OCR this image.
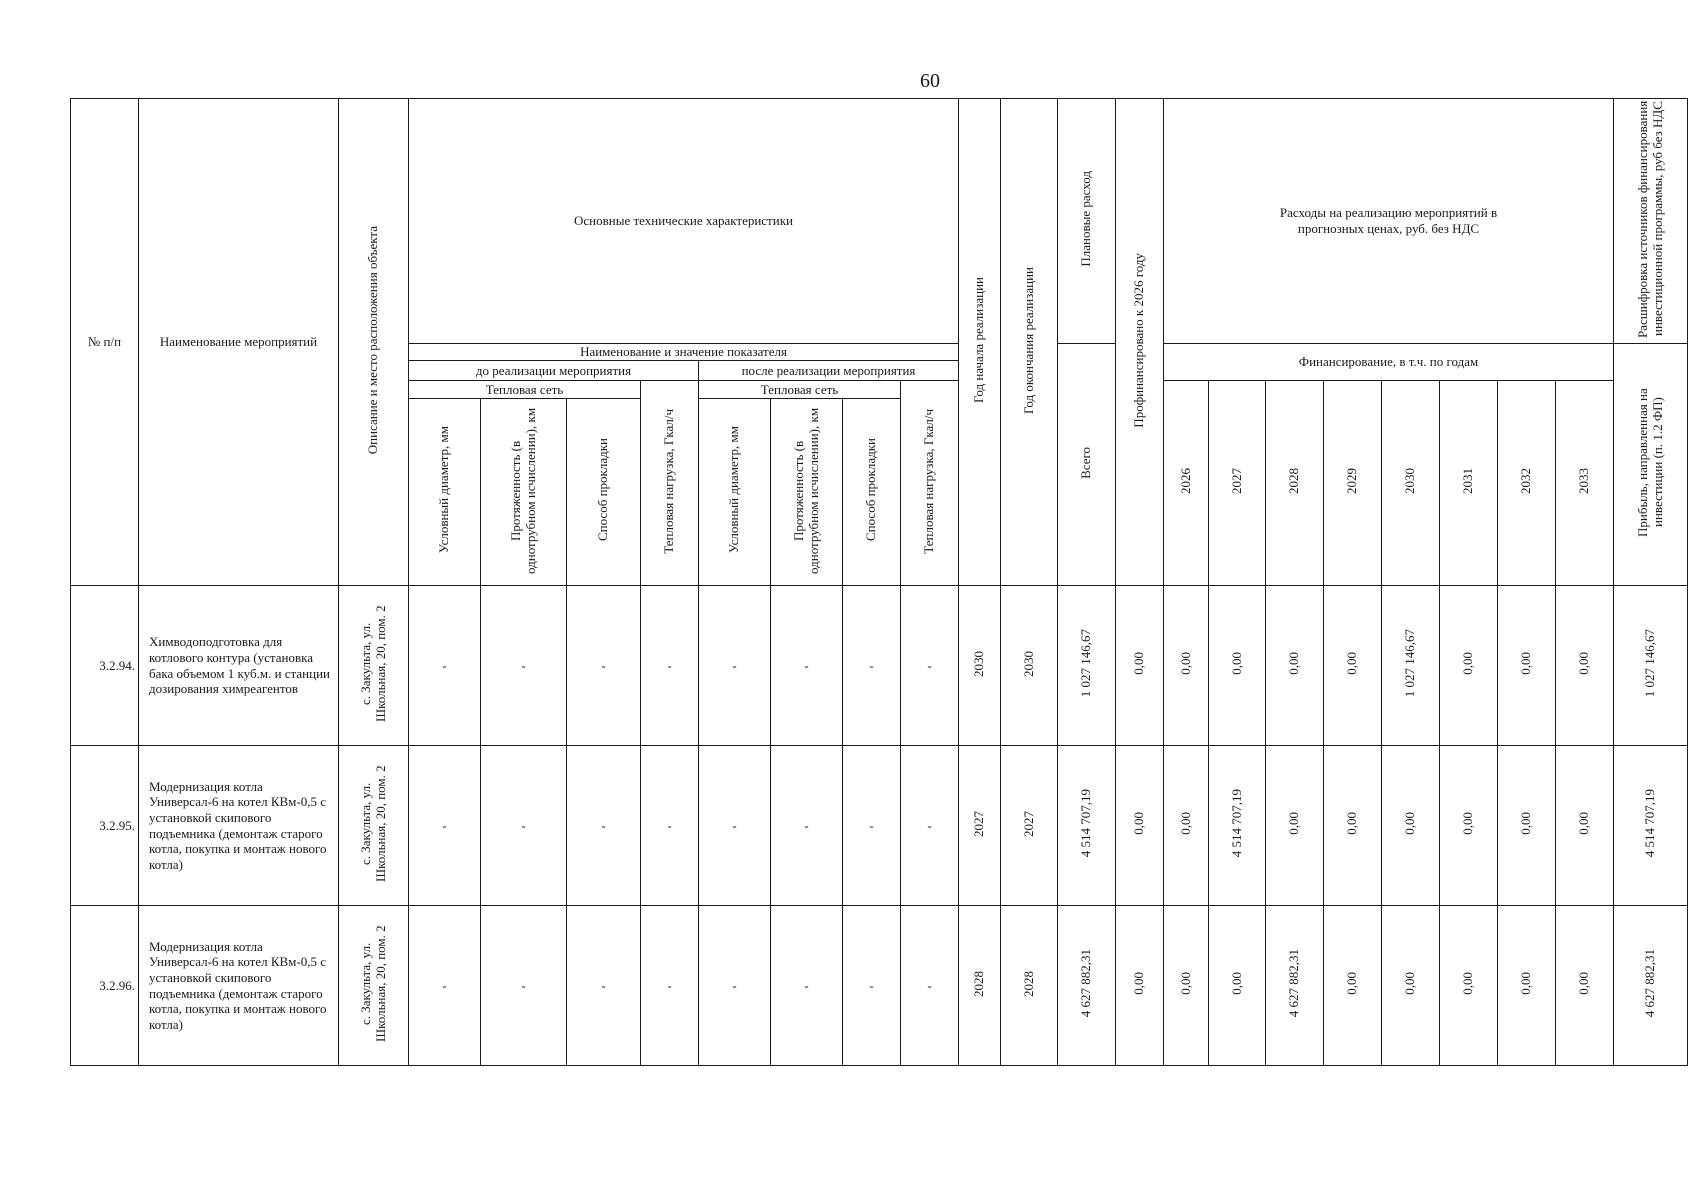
60
№ п/п	Наименование мероприятий	Описание и место расположения объекта	Основные технические характеристики								Год начала реализации	Год окончания реализации	Плановые расход	Профинансировано к 2026 году	Расходы на реализацию мероприятий в прогнозных ценах, руб. без НДС								Расшифровка источников финансирования инвестиционной программы, руб без НДС
			Наименование и значение показателя										Всего		Финансирование, в т.ч. по годам								Прибыль, направленная на инвестиции (п. 1.2 ФП)
			до реализации мероприятия				после реализации мероприятия																
			Тепловая сеть			Тепловая нагрузка, Гкал/ч	Тепловая сеть			Тепловая нагрузка, Гкал/ч					2026	2027	2028	2029	2030	2031	2032	2033	
			Условный диаметр, мм	Протяженность (в однотрубном исчислении), км	Способ прокладки		Условный диаметр, мм	Протяженность (в однотрубном исчислении), км	Способ прокладки														
3.2.94.	Химводоподготовка для котлового контура (установка бака объемом 1 куб.м. и станции дозирования химреагентов	с. Закульта, ул. Школьная, 20, пом. 2	-	-	-	-	-	-	-	-	2030	2030	1 027 146,67	0,00	0,00	0,00	0,00	0,00	1 027 146,67	0,00	0,00	0,00	1 027 146,67
3.2.95.	Модернизация котла Универсал-6 на котел КВм-0,5 с установкой скипового подъемника (демонтаж старого котла, покупка и монтаж нового котла)	с. Закульта, ул. Школьная, 20, пом. 2	-	-	-	-	-	-	-	-	2027	2027	4 514 707,19	0,00	0,00	4 514 707,19	0,00	0,00	0,00	0,00	0,00	0,00	4 514 707,19
3.2.96.	Модернизация котла Универсал-6 на котел КВм-0,5 с установкой скипового подъемника (демонтаж старого котла, покупка и монтаж нового котла)	с. Закульта, ул. Школьная, 20, пом. 2	-	-	-	-	-	-	-	-	2028	2028	4 627 882,31	0,00	0,00	0,00	4 627 882,31	0,00	0,00	0,00	0,00	0,00	4 627 882,31
